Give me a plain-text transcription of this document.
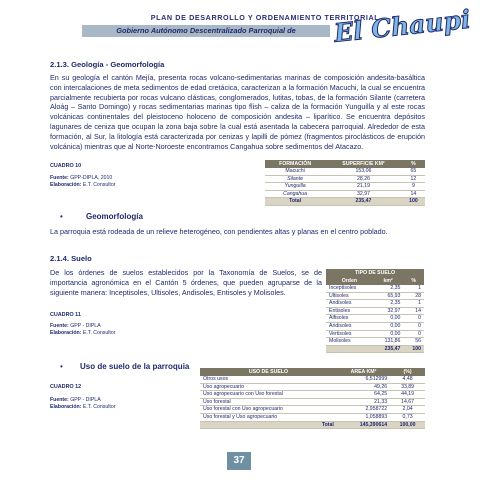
PLAN DE DESARROLLO Y ORDENAMIENTO TERRITORIAL
Gobierno Autónomo Descentralizado Parroquial de	El Chaupi
2.1.3. Geología - Geomorfología
En su geología el cantón Mejía, presenta rocas volcano-sedimentarias marinas de composición andesita-basáltica con intercalaciones de meta sedimentos de edad cretácica, caracterizan a la formación Macuchi, la cual se encuentra parcialmente recubierta por rocas vulcano clásticas, conglomerados, lutitas, tobas, de la formación Silante (carretera Aloág – Santo Domingo) y rocas sedimentarias marinas tipo flish – caliza de la formación Yunguilla y al este rocas volcánicas continentales del pleistoceno holoceno de composición andesita – liparítico. Se encuentra depósitos lagunares de ceniza que ocupan la zona baja sobre la cual está asentada la cabecera parroquial. Alrededor de esta formación, al Sur, la litología está caracterizada por cenizas y lapilli de pómez (fragmentos piroclásticos de erupción volcánica) mientras que al Norte-Noroeste encontramos Cangahua sobre sedimentos del Atacazo.
CUADRO 10
Fuente: GPP-DIPLA, 2010
Elaboración: E.T. Consultor
FORMACIÓN	SUPERFICIE KM²	%
Macuchi	153,06	65
Silante	28,26	12
Yunguilla	21,19	9
Cangahua	32,97	14
Total	235,47	100
•	Geomorfología
La parroquia está rodeada de un relieve heterogéneo, con pendientes altas y planas en el centro poblado.
2.1.4. Suelo
De los órdenes de suelos establecidos por la Taxonomía de Suelos, se de importancia agronómica en el Cantón 5 órdenes, que pueden agruparse de la siguiente manera: Inceptisoles, Ultisoles, Andisoles, Entisoles y Molisoles.
CUADRO 11
Fuente: GPP - DIPLA
Elaboración: E.T. Consultor
TIPO DE SUELO		
Orden	km²	%
Inceptisoles	2,35	1
Ultisoles	65,93	28
Andisoles	2,35	1
Entisoles	32,97	14
Alfisoles	0,00	0
Aridisoles	0,00	0
Vertisoles	0,00	0
Molisoles	131,86	56
	235,47	100
• Uso de suelo de la parroquia
CUADRO 12
Fuente: GPP - DIPLA
Elaboración: E.T. Consultor
USO DE SUELO	AREA KM²	(%)
Otros usos	6,512999	4,48
Uso agropecuario	49,26	33,89
Uso agropecuario con Uso forestal	64,25	44,19
Uso forestal	21,33	14,67
Uso forestal con Uso agropecuario	2,958722	2,04
Uso forestal y Uso agropecuario	1,058893	0,73
Total	145,390614	100,00
37
